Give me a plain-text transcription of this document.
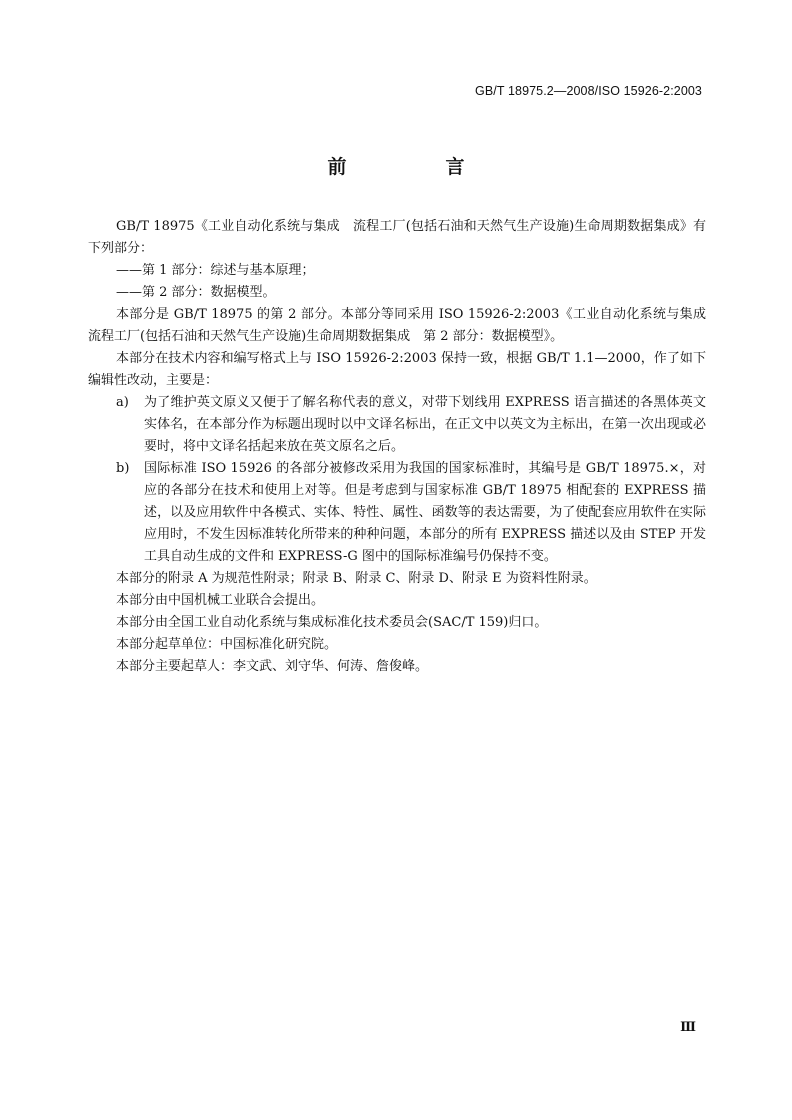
GB/T 18975.2—2008/ISO 15926-2:2003
前　言

GB/T 18975《工业自动化系统与集成　流程工厂(包括石油和天然气生产设施)生命周期数据集成》有下列部分：

——第 1 部分：综述与基本原理；

——第 2 部分：数据模型。

本部分是 GB/T 18975 的第 2 部分。本部分等同采用 ISO 15926-2:2003《工业自动化系统与集成　流程工厂(包括石油和天然气生产设施)生命周期数据集成　第 2 部分：数据模型》。

本部分在技术内容和编写格式上与 ISO 15926-2:2003 保持一致，根据 GB/T 1.1—2000，作了如下编辑性改动，主要是：

a)	为了维护英文原义又便于了解名称代表的意义，对带下划线用 EXPRESS 语言描述的各黑体英文实体名，在本部分作为标题出现时以中文译名标出，在正文中以英文为主标出，在第一次出现或必要时，将中文译名括起来放在英文原名之后。
b)	国际标准 ISO 15926 的各部分被修改采用为我国的国家标准时，其编号是 GB/T 18975.×，对应的各部分在技术和使用上对等。但是考虑到与国家标准 GB/T 18975 相配套的 EXPRESS 描述，以及应用软件中各模式、实体、特性、属性、函数等的表达需要，为了使配套应用软件在实际应用时，不发生因标准转化所带来的种种问题，本部分的所有 EXPRESS 描述以及由 STEP 开发工具自动生成的文件和 EXPRESS-G 图中的国际标准编号仍保持不变。

本部分的附录 A 为规范性附录；附录 B、附录 C、附录 D、附录 E 为资料性附录。

本部分由中国机械工业联合会提出。

本部分由全国工业自动化系统与集成标准化技术委员会(SAC/T 159)归口。

本部分起草单位：中国标准化研究院。

本部分主要起草人：李文武、刘守华、何涛、詹俊峰。

Ⅲ
